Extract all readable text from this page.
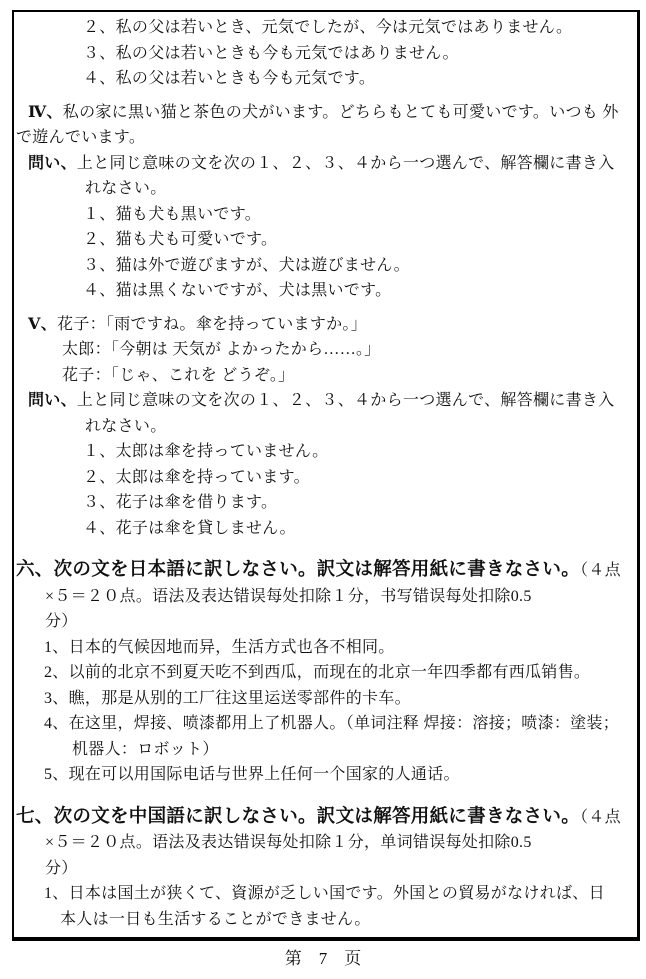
２、私の父は若いとき、元気でしたが、今は元気ではありません。
３、私の父は若いときも今も元気ではありません。
４、私の父は若いときも今も元気です。
Ⅳ、私の家に黒い猫と茶色の犬がいます。どちらもとても可愛いです。いつも 外
で遊んでいます。
問い、上と同じ意味の文を次の１、２、３、４から一つ選んで、解答欄に書き入
れなさい。
１、猫も犬も黒いです。
２、猫も犬も可愛いです。
３、猫は外で遊びますが、犬は遊びません。
４、猫は黒くないですが、犬は黒いです。
Ⅴ、花子：「雨ですね。傘を持っていますか。」
太郎：「今朝は 天気が よかったから……。」
花子：「じゃ、これを どうぞ。」
問い、上と同じ意味の文を次の１、２、３、４から一つ選んで、解答欄に書き入
れなさい。
１、太郎は傘を持っていません。
２、太郎は傘を持っています。
３、花子は傘を借ります。
４、花子は傘を貸しません。
六、次の文を日本語に訳しなさい。訳文は解答用紙に書きなさい。（４点
×５＝２０点。语法及表达错误每处扣除１分，书写错误每处扣除0.5
分）
1、日本的气候因地而异，生活方式也各不相同。
2、以前的北京不到夏天吃不到西瓜，而现在的北京一年四季都有西瓜销售。
3、瞧，那是从别的工厂往这里运送零部件的卡车。
4、在这里，焊接、喷漆都用上了机器人。（单词注释 焊接：溶接；喷漆：塗装；
机器人：ロボット）
5、现在可以用国际电话与世界上任何一个国家的人通话。
七、次の文を中国語に訳しなさい。訳文は解答用紙に書きなさい。（４点
×５＝２０点。语法及表达错误每处扣除１分，单词错误每处扣除0.5
分）
1、日本は国土が狭くて、資源が乏しい国です。外国との貿易がなければ、日
本人は一日も生活することができません。
第　7　页
